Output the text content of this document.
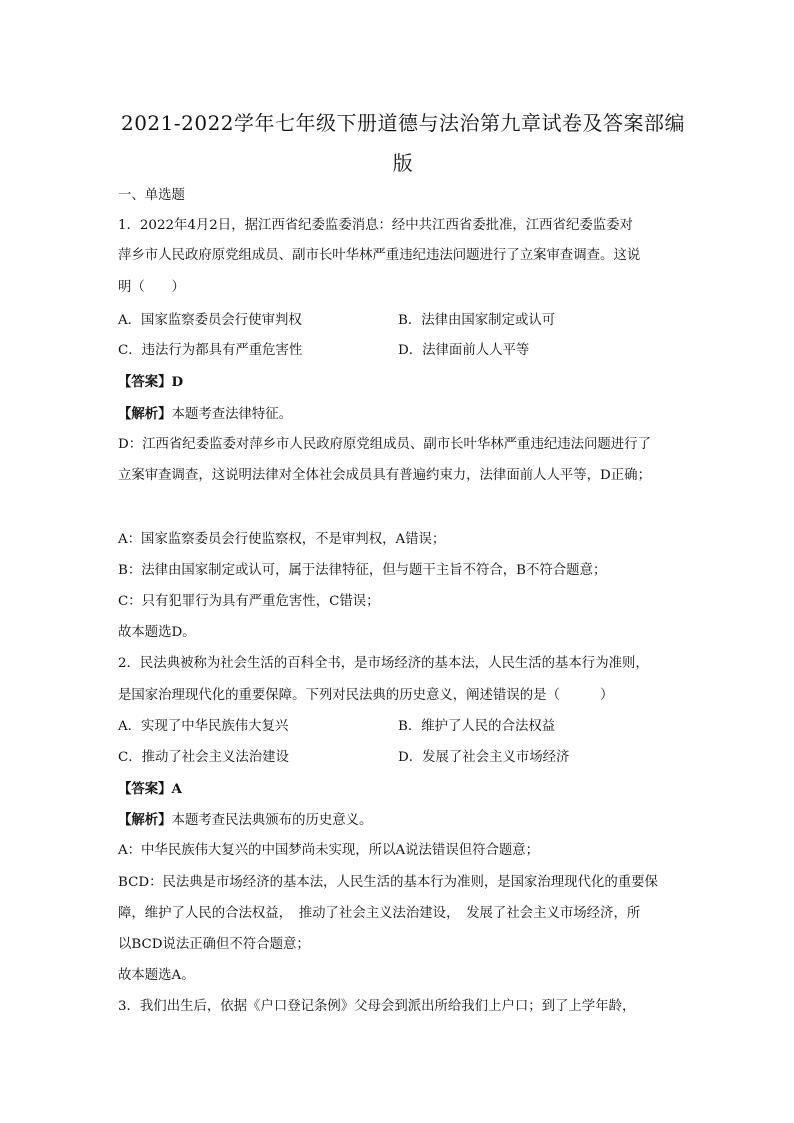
2021-2022学年七年级下册道德与法治第九章试卷及答案部编版
一、单选题
1．2022年4月2日，据江西省纪委监委消息：经中共江西省委批准，江西省纪委监委对
萍乡市人民政府原党组成员、副市长叶华林严重违纪违法问题进行了立案审查调查。这说
明（　　）
A．国家监察委员会行使审判权	B．法律由国家制定或认可
C．违法行为都具有严重危害性	D．法律面前人人平等
【答案】D
【解析】本题考查法律特征。
D：江西省纪委监委对萍乡市人民政府原党组成员、副市长叶华林严重违纪违法问题进行了
立案审查调查，这说明法律对全体社会成员具有普遍约束力，法律面前人人平等，D正确；
A：国家监察委员会行使监察权，不是审判权，A错误；
B：法律由国家制定或认可，属于法律特征，但与题干主旨不符合，B不符合题意；
C：只有犯罪行为具有严重危害性，C错误；
故本题选D。
2．民法典被称为社会生活的百科全书，是市场经济的基本法，人民生活的基本行为准则，
是国家治理现代化的重要保障。下列对民法典的历史意义，阐述错误的是（　　　）
A．实现了中华民族伟大复兴	B．维护了人民的合法权益
C．推动了社会主义法治建设	D．发展了社会主义市场经济
【答案】A
【解析】本题考查民法典颁布的历史意义。
A：中华民族伟大复兴的中国梦尚未实现，所以A说法错误但符合题意；
BCD：民法典是市场经济的基本法，人民生活的基本行为准则，是国家治理现代化的重要保
障，维护了人民的合法权益，　推动了社会主义法治建设，　发展了社会主义市场经济，所
以BCD说法正确但不符合题意；
故本题选A。
3．我们出生后，依据《户口登记条例》父母会到派出所给我们上户口；到了上学年龄，
